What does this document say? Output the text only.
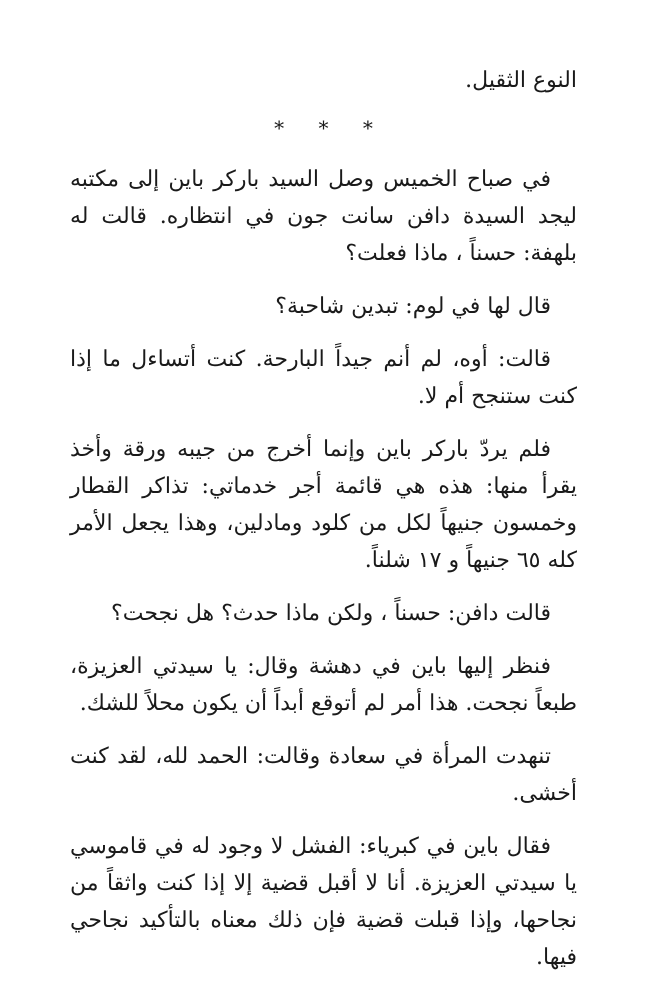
النوع الثقيل.

* * *

في صباح الخميس وصل السيد باركر باين إلى مكتبه ليجد السيدة دافن سانت جون في انتظاره. قالت له بلهفة: حسناً ، ماذا فعلت؟

قال لها في لوم: تبدين شاحبة؟

قالت: أوه، لم أنم جيداً البارحة. كنت أتساءل ما إذا كنت ستنجح أم لا.

فلم يردّ باركر باين وإنما أخرج من جيبه ورقة وأخذ يقرأ منها: هذه هي قائمة أجر خدماتي: تذاكر القطار وخمسون جنيهاً لكل من كلود ومادلين، وهذا يجعل الأمر كله ٦٥ جنيهاً و ١٧ شلناً.

قالت دافن: حسناً ، ولكن ماذا حدث؟ هل نجحت؟

فنظر إليها باين في دهشة وقال: يا سيدتي العزيزة، طبعاً نجحت. هذا أمر لم أتوقع أبداً أن يكون محلاً للشك.

تنهدت المرأة في سعادة وقالت: الحمد لله، لقد كنت أخشى.

فقال باين في كبرياء: الفشل لا وجود له في قاموسي يا سيدتي العزيزة. أنا لا أقبل قضية إلا إذا كنت واثقاً من نجاحها، وإذا قبلت قضية فإن ذلك معناه بالتأكيد نجاحي فيها.
